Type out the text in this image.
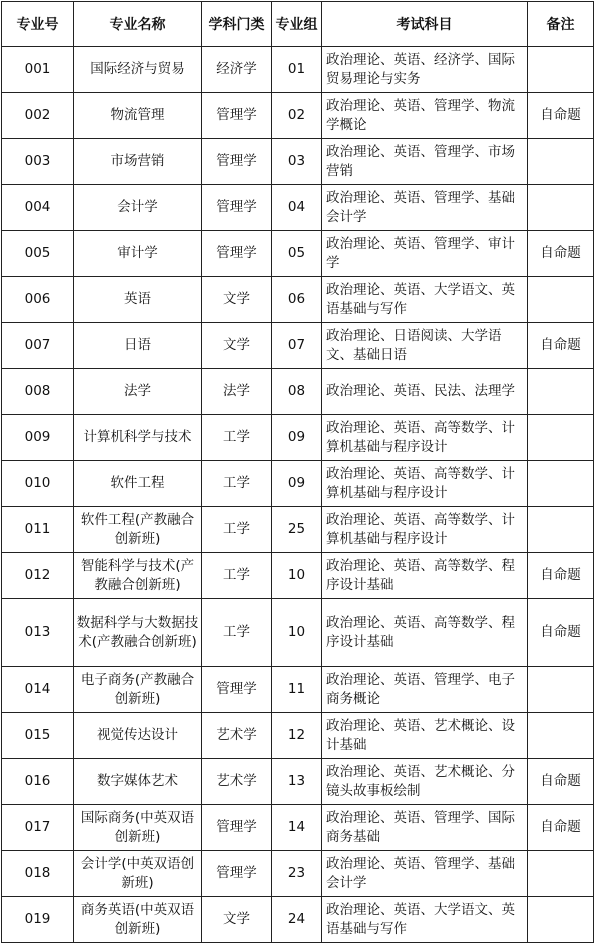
专业号	专业名称	学科门类	专业组	考试科目	备注
001	国际经济与贸易	经济学	01	政治理论、英语、经济学、国际贸易理论与实务	
002	物流管理	管理学	02	政治理论、英语、管理学、物流学概论	自命题
003	市场营销	管理学	03	政治理论、英语、管理学、市场营销	
004	会计学	管理学	04	政治理论、英语、管理学、基础会计学	
005	审计学	管理学	05	政治理论、英语、管理学、审计学	自命题
006	英语	文学	06	政治理论、英语、大学语文、英语基础与写作	
007	日语	文学	07	政治理论、日语阅读、大学语文、基础日语	自命题
008	法学	法学	08	政治理论、英语、民法、法理学	
009	计算机科学与技术	工学	09	政治理论、英语、高等数学、计算机基础与程序设计	
010	软件工程	工学	09	政治理论、英语、高等数学、计算机基础与程序设计	
011	软件工程(产教融合创新班)	工学	25	政治理论、英语、高等数学、计算机基础与程序设计	
012	智能科学与技术(产教融合创新班)	工学	10	政治理论、英语、高等数学、程序设计基础	自命题
013	数据科学与大数据技术(产教融合创新班)	工学	10	政治理论、英语、高等数学、程序设计基础	自命题
014	电子商务(产教融合创新班)	管理学	11	政治理论、英语、管理学、电子商务概论	
015	视觉传达设计	艺术学	12	政治理论、英语、艺术概论、设计基础	
016	数字媒体艺术	艺术学	13	政治理论、英语、艺术概论、分镜头故事板绘制	自命题
017	国际商务(中英双语创新班)	管理学	14	政治理论、英语、管理学、国际商务基础	自命题
018	会计学(中英双语创新班)	管理学	23	政治理论、英语、管理学、基础会计学	
019	商务英语(中英双语创新班)	文学	24	政治理论、英语、大学语文、英语基础与写作	
